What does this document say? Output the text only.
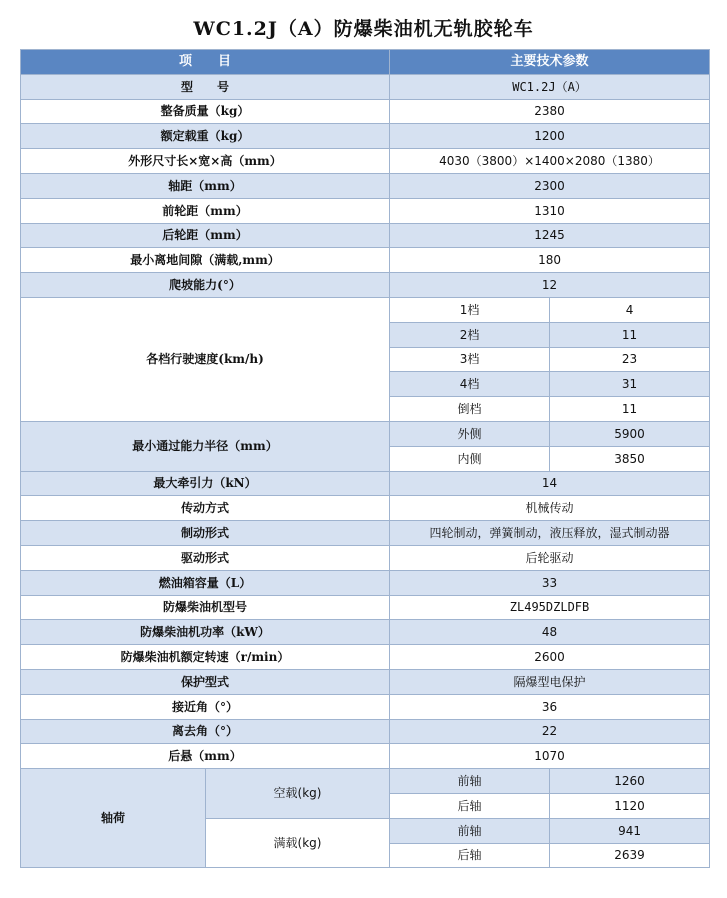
WC1.2J（A）防爆柴油机无轨胶轮车
项　　目		主要技术参数	
型　　号		WC1.2J（A）	
整备质量（kg）		2380	
额定载重（kg）		1200	
外形尺寸长×宽×高（mm）		4030（3800）×1400×2080（1380）	
轴距（mm）		2300	
前轮距（mm）		1310	
后轮距（mm）		1245	
最小离地间隙（满载,mm）		180	
爬坡能力(°）		12	
各档行驶速度(km/h)		1档	4
		2档	11
		3档	23
		4档	31
		倒档	11
最小通过能力半径（mm）		外侧	5900
		内侧	3850
最大牵引力（kN）		14	
传动方式		机械传动	
制动形式		四轮制动，弹簧制动，液压释放，湿式制动器	
驱动形式		后轮驱动	
燃油箱容量（L）		33	
防爆柴油机型号		ZL495DZLDFB	
防爆柴油机功率（kW）		48	
防爆柴油机额定转速（r/min）		2600	
保护型式		隔爆型电保护	
接近角（°）		36	
离去角（°）		22	
后悬（mm）		1070	
轴荷	空载(kg)	前轴	1260
		后轴	1120
	满载(kg)	前轴	941
		后轴	2639
